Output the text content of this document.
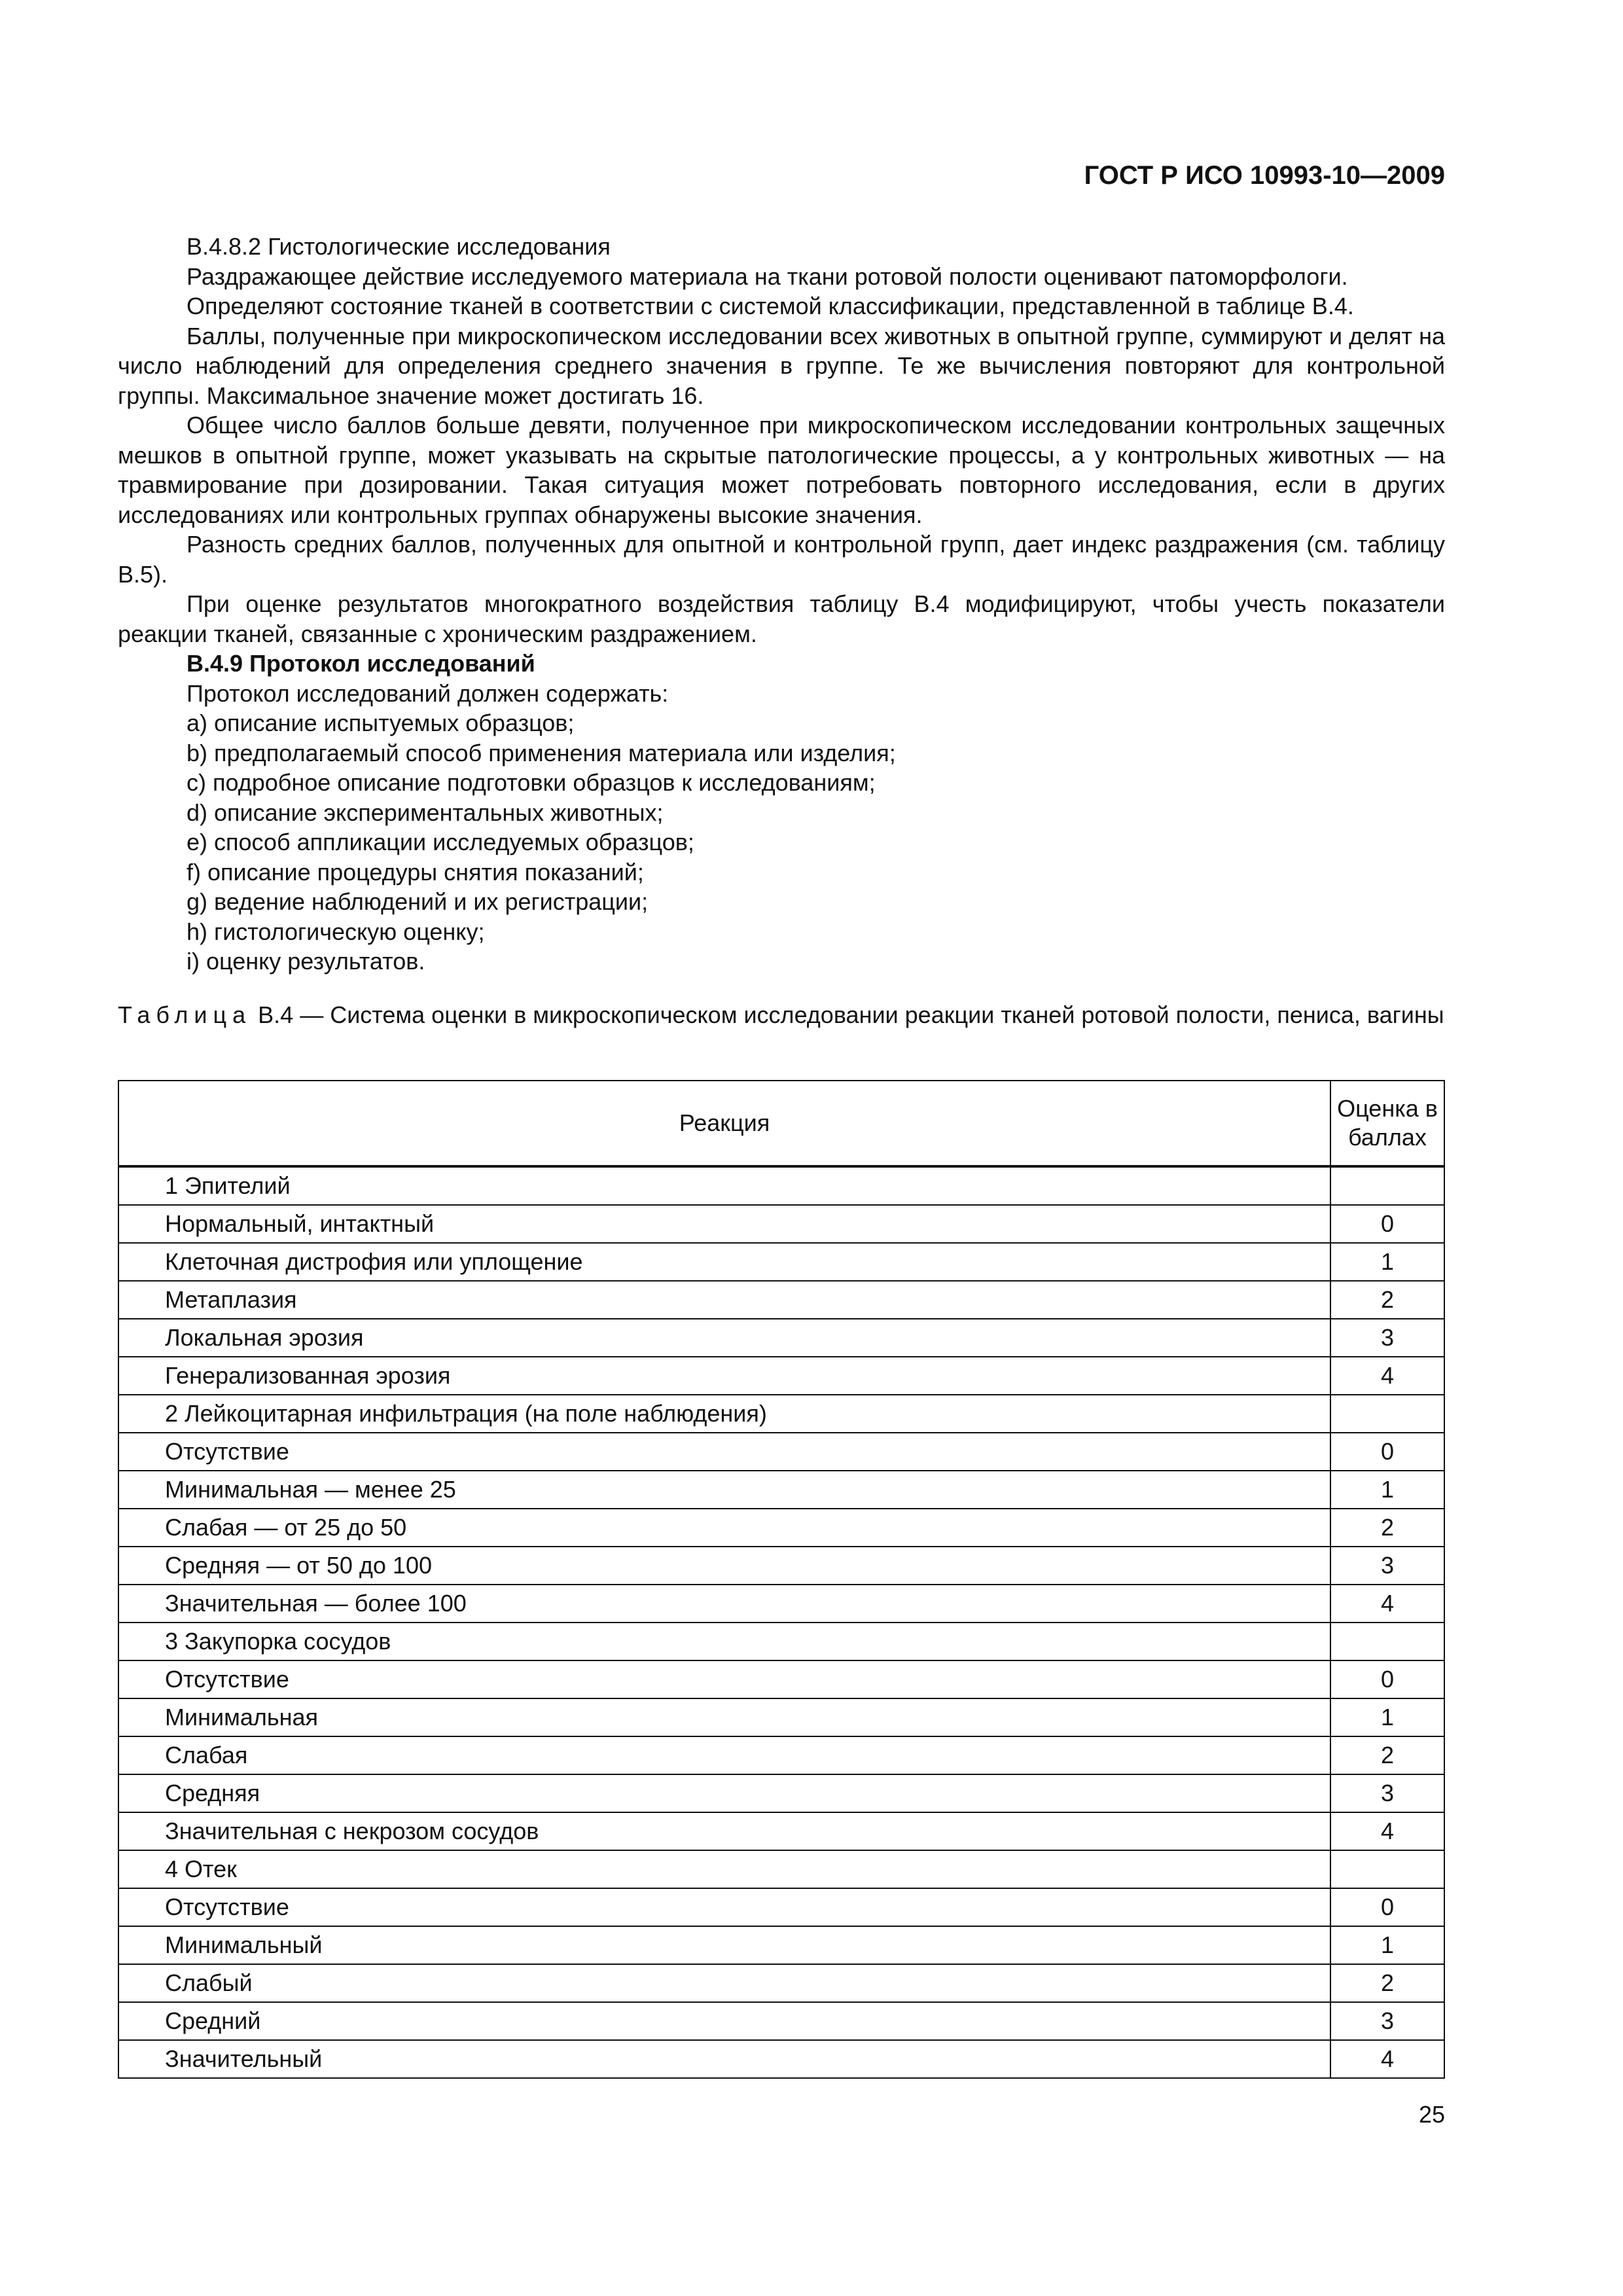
ГОСТ Р ИСО 10993-10—2009

B.4.8.2 Гистологические исследования

Раздражающее действие исследуемого материала на ткани ротовой полости оценивают патоморфологи.

Определяют состояние тканей в соответствии с системой классификации, представленной в таблице B.4.

Баллы, полученные при микроскопическом исследовании всех животных в опытной группе, суммируют и делят на число наблюдений для определения среднего значения в группе. Те же вычисления повторяют для контрольной группы. Максимальное значение может достигать 16.

Общее число баллов больше девяти, полученное при микроскопическом исследовании контрольных защечных мешков в опытной группе, может указывать на скрытые патологические процессы, а у контрольных животных — на травмирование при дозировании. Такая ситуация может потребовать повторного исследования, если в других исследованиях или контрольных группах обнаружены высокие значения.

Разность средних баллов, полученных для опытной и контрольной групп, дает индекс раздражения (см. таблицу B.5).

При оценке результатов многократного воздействия таблицу B.4 модифицируют, чтобы учесть показатели реакции тканей, связанные с хроническим раздражением.

B.4.9 Протокол исследований

Протокол исследований должен содержать:

a) описание испытуемых образцов;

b) предполагаемый способ применения материала или изделия;

c) подробное описание подготовки образцов к исследованиям;

d) описание экспериментальных животных;

e) способ аппликации исследуемых образцов;

f) описание процедуры снятия показаний;

g) ведение наблюдений и их регистрации;

h) гистологическую оценку;

i) оценку результатов.

Таблица B.4 — Система оценки в микроскопическом исследовании реакции тканей ротовой полости, пениса, вагины
Реакция	Оценка в баллах
1 Эпителий	
Нормальный, интактный	0
Клеточная дистрофия или уплощение	1
Метаплазия	2
Локальная эрозия	3
Генерализованная эрозия	4
2 Лейкоцитарная инфильтрация (на поле наблюдения)	
Отсутствие	0
Минимальная — менее 25	1
Слабая — от 25 до 50	2
Средняя — от 50 до 100	3
Значительная — более 100	4
3 Закупорка сосудов	
Отсутствие	0
Минимальная	1
Слабая	2
Средняя	3
Значительная с некрозом сосудов	4
4 Отек	
Отсутствие	0
Минимальный	1
Слабый	2
Средний	3
Значительный	4
25
